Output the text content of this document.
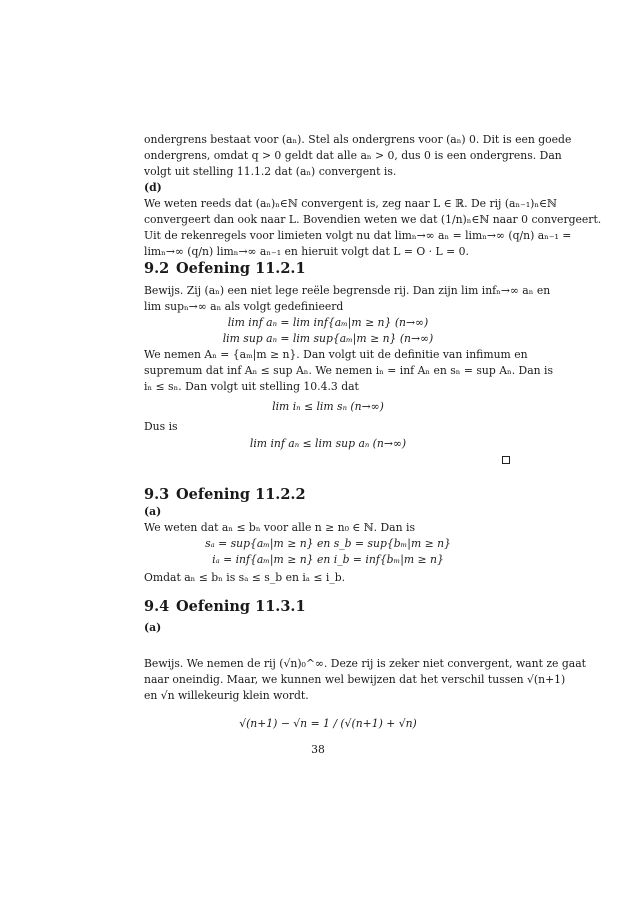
ondergrens bestaat voor (aₙ). Stel als ondergrens voor (aₙ) 0. Dit is een goede
ondergrens, omdat q > 0 geldt dat alle aₙ > 0, dus 0 is een ondergrens. Dan
volgt uit stelling 11.1.2 dat (aₙ) convergent is.
(d)
We weten reeds dat (aₙ)ₙ∈ℕ convergent is, zeg naar L ∈ ℝ. De rij (aₙ₋₁)ₙ∈ℕ
convergeert dan ook naar L. Bovendien weten we dat (1/n)ₙ∈ℕ naar 0 convergeert.
Uit de rekenregels voor limieten volgt nu dat limₙ→∞ aₙ = limₙ→∞ (q/n) aₙ₋₁ =
limₙ→∞ (q/n) limₙ→∞ aₙ₋₁ en hieruit volgt dat L = O · L = 0.
9.2 Oefening 11.2.1
Bewijs. Zij (aₙ) een niet lege reële begrensde rij. Dan zijn lim infₙ→∞ aₙ en
lim supₙ→∞ aₙ als volgt gedefinieerd
lim inf aₙ = lim inf{aₘ|m ≥ n} (n→∞)
lim sup aₙ = lim sup{aₘ|m ≥ n} (n→∞)
We nemen Aₙ = {aₘ|m ≥ n}. Dan volgt uit de definitie van infimum en
supremum dat inf Aₙ ≤ sup Aₙ. We nemen iₙ = inf Aₙ en sₙ = sup Aₙ. Dan is
iₙ ≤ sₙ. Dan volgt uit stelling 10.4.3 dat
lim iₙ ≤ lim sₙ (n→∞)
Dus is
lim inf aₙ ≤ lim sup aₙ (n→∞)
9.3 Oefening 11.2.2
(a)
We weten dat aₙ ≤ bₙ voor alle n ≥ n₀ ∈ ℕ. Dan is
sₐ = sup{aₘ|m ≥ n} en s_b = sup{bₘ|m ≥ n}
iₐ = inf{aₘ|m ≥ n} en i_b = inf{bₘ|m ≥ n}
Omdat aₙ ≤ bₙ is sₐ ≤ s_b en iₐ ≤ i_b.
9.4 Oefening 11.3.1
(a)
Bewijs. We nemen de rij (√n)₀^∞. Deze rij is zeker niet convergent, want ze gaat
naar oneindig. Maar, we kunnen wel bewijzen dat het verschil tussen √(n+1)
en √n willekeurig klein wordt.
√(n+1) − √n = 1 / (√(n+1) + √n)
38
